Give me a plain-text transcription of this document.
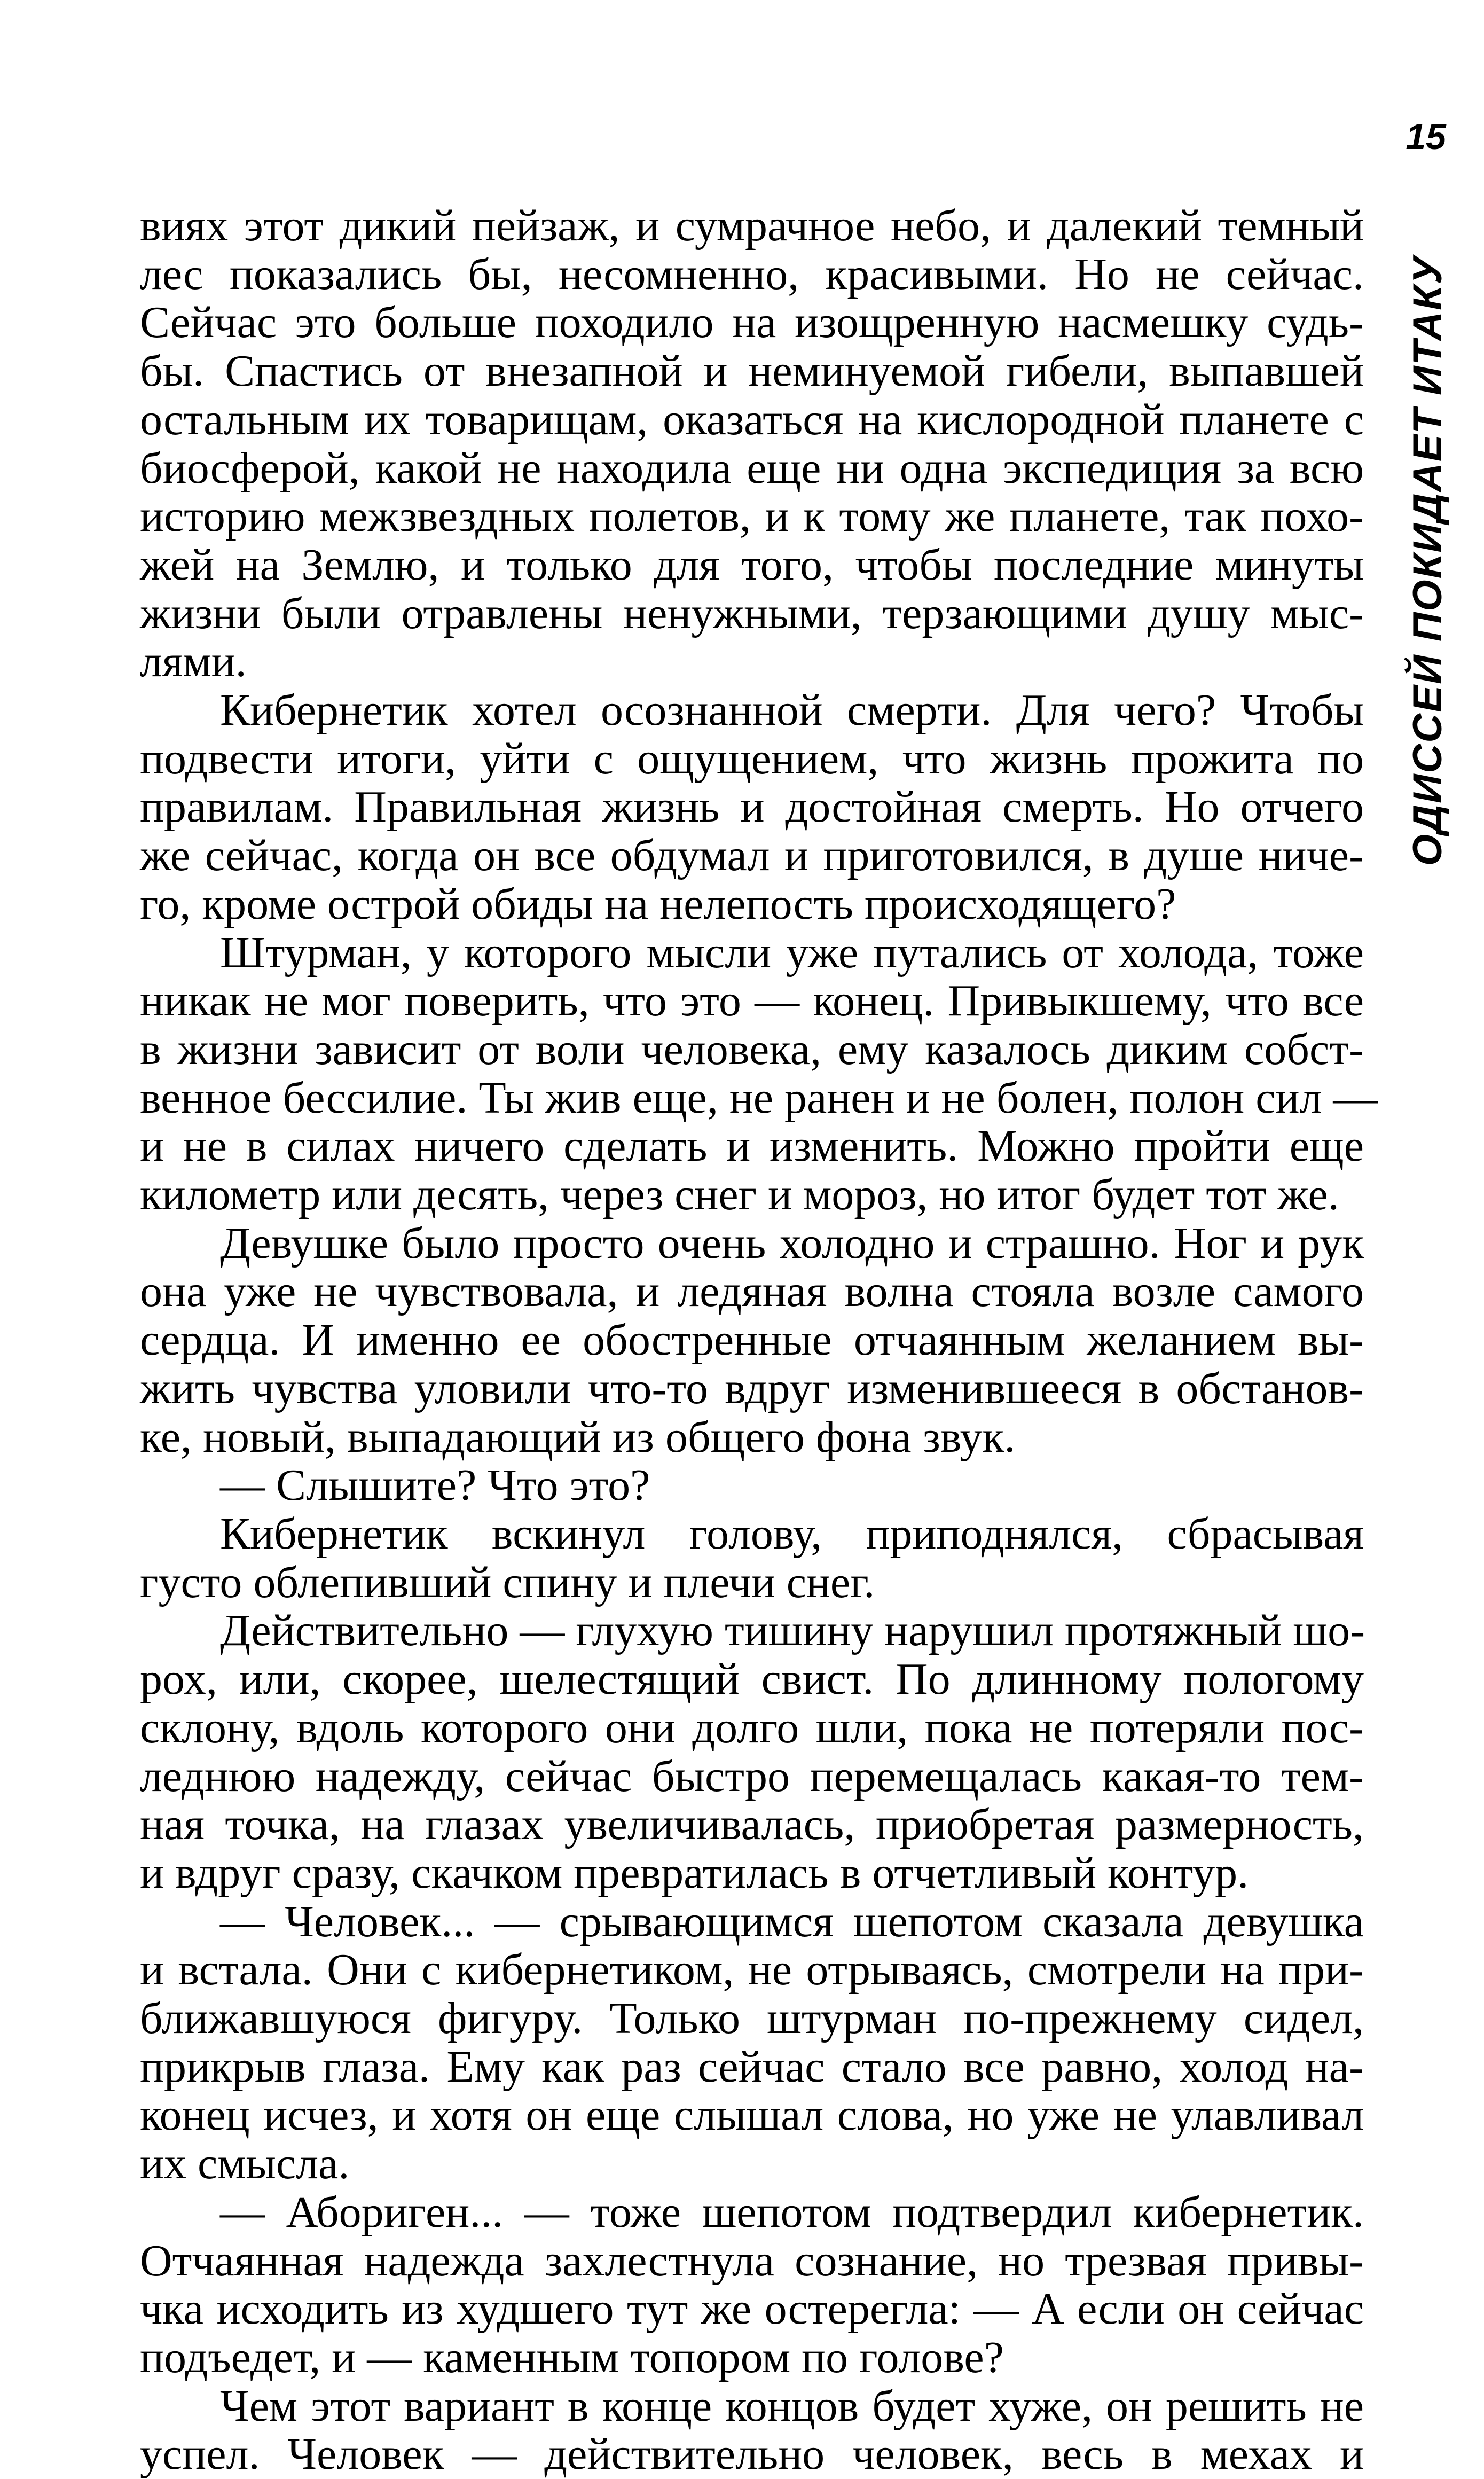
15
ОДИССЕЙ ПОКИДАЕТ ИТАКУ
виях этот дикий пейзаж, и сумрачное небо, и далекий темный
лес показались бы, несомненно, красивыми. Но не сейчас.
Сейчас это больше походило на изощренную насмешку судь-
бы. Спастись от внезапной и неминуемой гибели, выпавшей
остальным их товарищам, оказаться на кислородной планете с
биосферой, какой не находила еще ни одна экспедиция за всю
историю межзвездных полетов, и к тому же планете, так похо-
жей на Землю, и только для того, чтобы последние минуты
жизни были отравлены ненужными, терзающими душу мыс-
лями.
Кибернетик хотел осознанной смерти. Для чего? Чтобы
подвести итоги, уйти с ощущением, что жизнь прожита по
правилам. Правильная жизнь и достойная смерть. Но отчего
же сейчас, когда он все обдумал и приготовился, в душе ниче-
го, кроме острой обиды на нелепость происходящего?
Штурман, у которого мысли уже путались от холода, тоже
никак не мог поверить, что это — конец. Привыкшему, что все
в жизни зависит от воли человека, ему казалось диким собст-
венное бессилие. Ты жив еще, не ранен и не болен, полон сил —
и не в силах ничего сделать и изменить. Можно пройти еще
километр или десять, через снег и мороз, но итог будет тот же.
Девушке было просто очень холодно и страшно. Ног и рук
она уже не чувствовала, и ледяная волна стояла возле самого
сердца. И именно ее обостренные отчаянным желанием вы-
жить чувства уловили что-то вдруг изменившееся в обстанов-
ке, новый, выпадающий из общего фона звук.
— Слышите? Что это?
Кибернетик вскинул голову, приподнялся, сбрасывая
густо облепивший спину и плечи снег.
Действительно — глухую тишину нарушил протяжный шо-
рох, или, скорее, шелестящий свист. По длинному пологому
склону, вдоль которого они долго шли, пока не потеряли пос-
леднюю надежду, сейчас быстро перемещалась какая-то тем-
ная точка, на глазах увеличивалась, приобретая размерность,
и вдруг сразу, скачком превратилась в отчетливый контур.
— Человек... — срывающимся шепотом сказала девушка
и встала. Они с кибернетиком, не отрываясь, смотрели на при-
ближавшуюся фигуру. Только штурман по-прежнему сидел,
прикрыв глаза. Ему как раз сейчас стало все равно, холод на-
конец исчез, и хотя он еще слышал слова, но уже не улавливал
их смысла.
— Абориген... — тоже шепотом подтвердил кибернетик.
Отчаянная надежда захлестнула сознание, но трезвая привы-
чка исходить из худшего тут же остерегла: — А если он сейчас
подъедет, и — каменным топором по голове?
Чем этот вариант в конце концов будет хуже, он решить не
успел. Человек — действительно человек, весь в мехах и
